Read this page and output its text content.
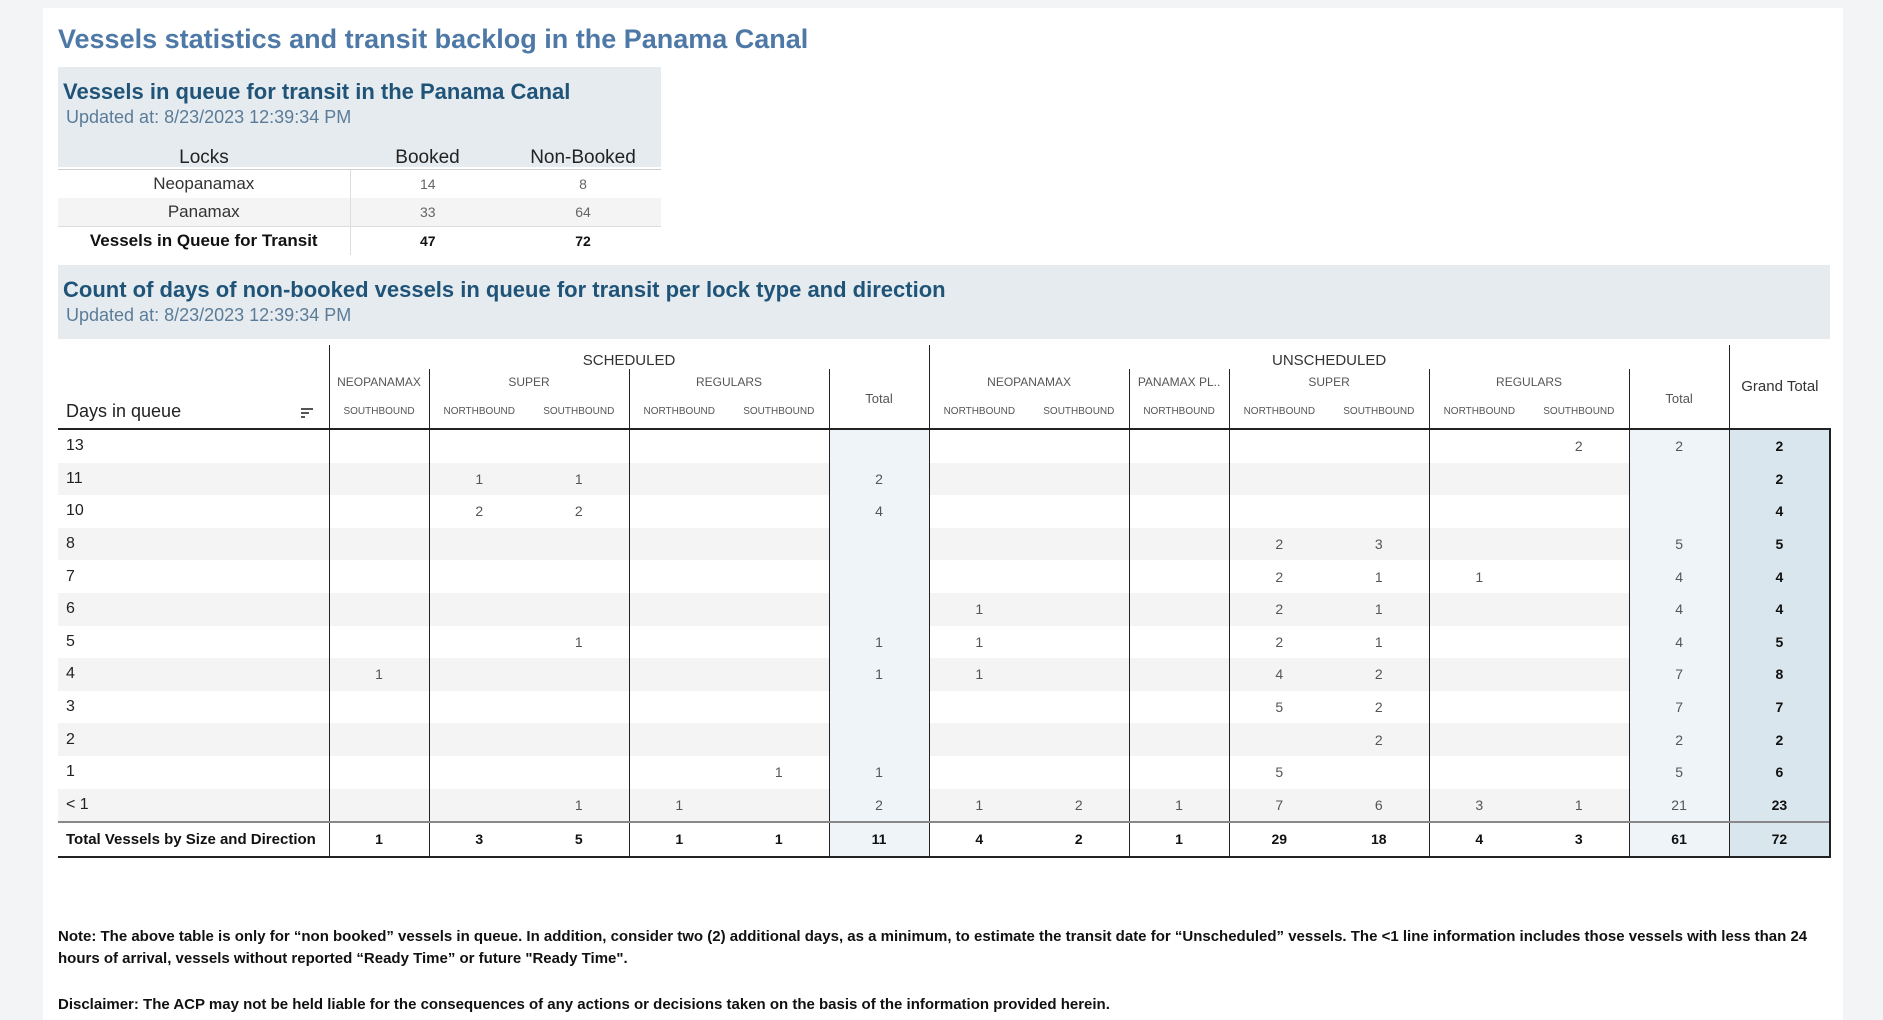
Vessels statistics and transit backlog in the Panama Canal
Vessels in queue for transit in the Panama Canal
Updated at: 8/23/2023 12:39:34 PM
Locks	Booked	Non-Booked
Neopanamax	14	8
Panamax	33	64
Vessels in Queue for Transit	47	72
Count of days of non-booked vessels in queue for transit per lock type and direction
Updated at: 8/23/2023 12:39:34 PM
Days in queue	SCHEDULED						UNSCHEDULED								Grand Total
	NEOPANAMAX	SUPER		REGULARS		Total	NEOPANAMAX		PANAMAX PL..	SUPER		REGULARS		Total	
	SOUTHBOUND	NORTHBOUND	SOUTHBOUND	NORTHBOUND	SOUTHBOUND		NORTHBOUND	SOUTHBOUND	NORTHBOUND	NORTHBOUND	SOUTHBOUND	NORTHBOUND	SOUTHBOUND		
13													2	2	2
11		1	1			2									2
10		2	2			4									4
8										2	3			5	5
7										2	1	1		4	4
6							1			2	1			4	4
5			1			1	1			2	1			4	5
4	1					1	1			4	2			7	8
3										5	2			7	7
2											2			2	2
1					1	1				5				5	6
< 1			1	1		2	1	2	1	7	6	3	1	21	23
Total Vessels by Size and Direction	1	3	5	1	1	11	4	2	1	29	18	4	3	61	72
Note: The above table is only for “non booked” vessels in queue. In addition, consider two (2) additional days, as a minimum, to estimate the transit date for “Unscheduled” vessels. The <1 line information includes those vessels with less than 24 hours of arrival, vessels without reported “Ready Time” or future "Ready Time".
Disclaimer: The ACP may not be held liable for the consequences of any actions or decisions taken on the basis of the information provided herein.
